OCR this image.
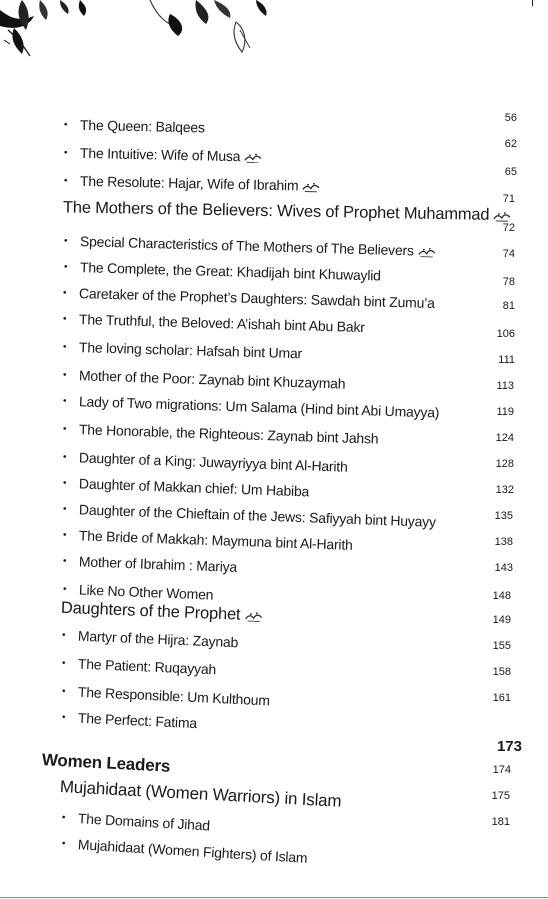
• The Queen: Balqees	56
• The Intuitive: Wife of Musa
62
• The Resolute: Hajar, Wife of Ibrahim
65
The Mothers of the Believers: Wives of Prophet Muhammad	71
• Special Characteristics of The Mothers of The Believers
72
• The Complete, the Great: Khadijah bint Khuwaylid
74
• Caretaker of the Prophet’s Daughters: Sawdah bint Zumu’a
78
• The Truthful, the Beloved: A’ishah bint Abu Bakr
81
• The loving scholar: Hafsah bint Umar
106
• Mother of the Poor: Zaynab bint Khuzaymah
111
• Lady of Two migrations: Um Salama (Hind bint Abi Umayya)
113
• The Honorable, the Righteous: Zaynab bint Jahsh
119
• Daughter of a King: Juwayriyya bint Al-Harith
124
• Daughter of Makkan chief: Um Habiba
128
• Daughter of the Chieftain of the Jews: Safiyyah bint Huyayy
132
• The Bride of Makkah: Maymuna bint Al-Harith
135
• Mother of Ibrahim : Mariya
138
• Like No Other Women
143
Daughters of the Prophet
148
• Martyr of the Hijra: Zaynab
149
• The Patient: Ruqayyah
155
• The Responsible: Um Kulthoum
158
• The Perfect: Fatima
161
Women Leaders
173
Mujahidaat (Women Warriors) in Islam
174
• The Domains of Jihad
175
• Mujahidaat (Women Fighters) of Islam
181
